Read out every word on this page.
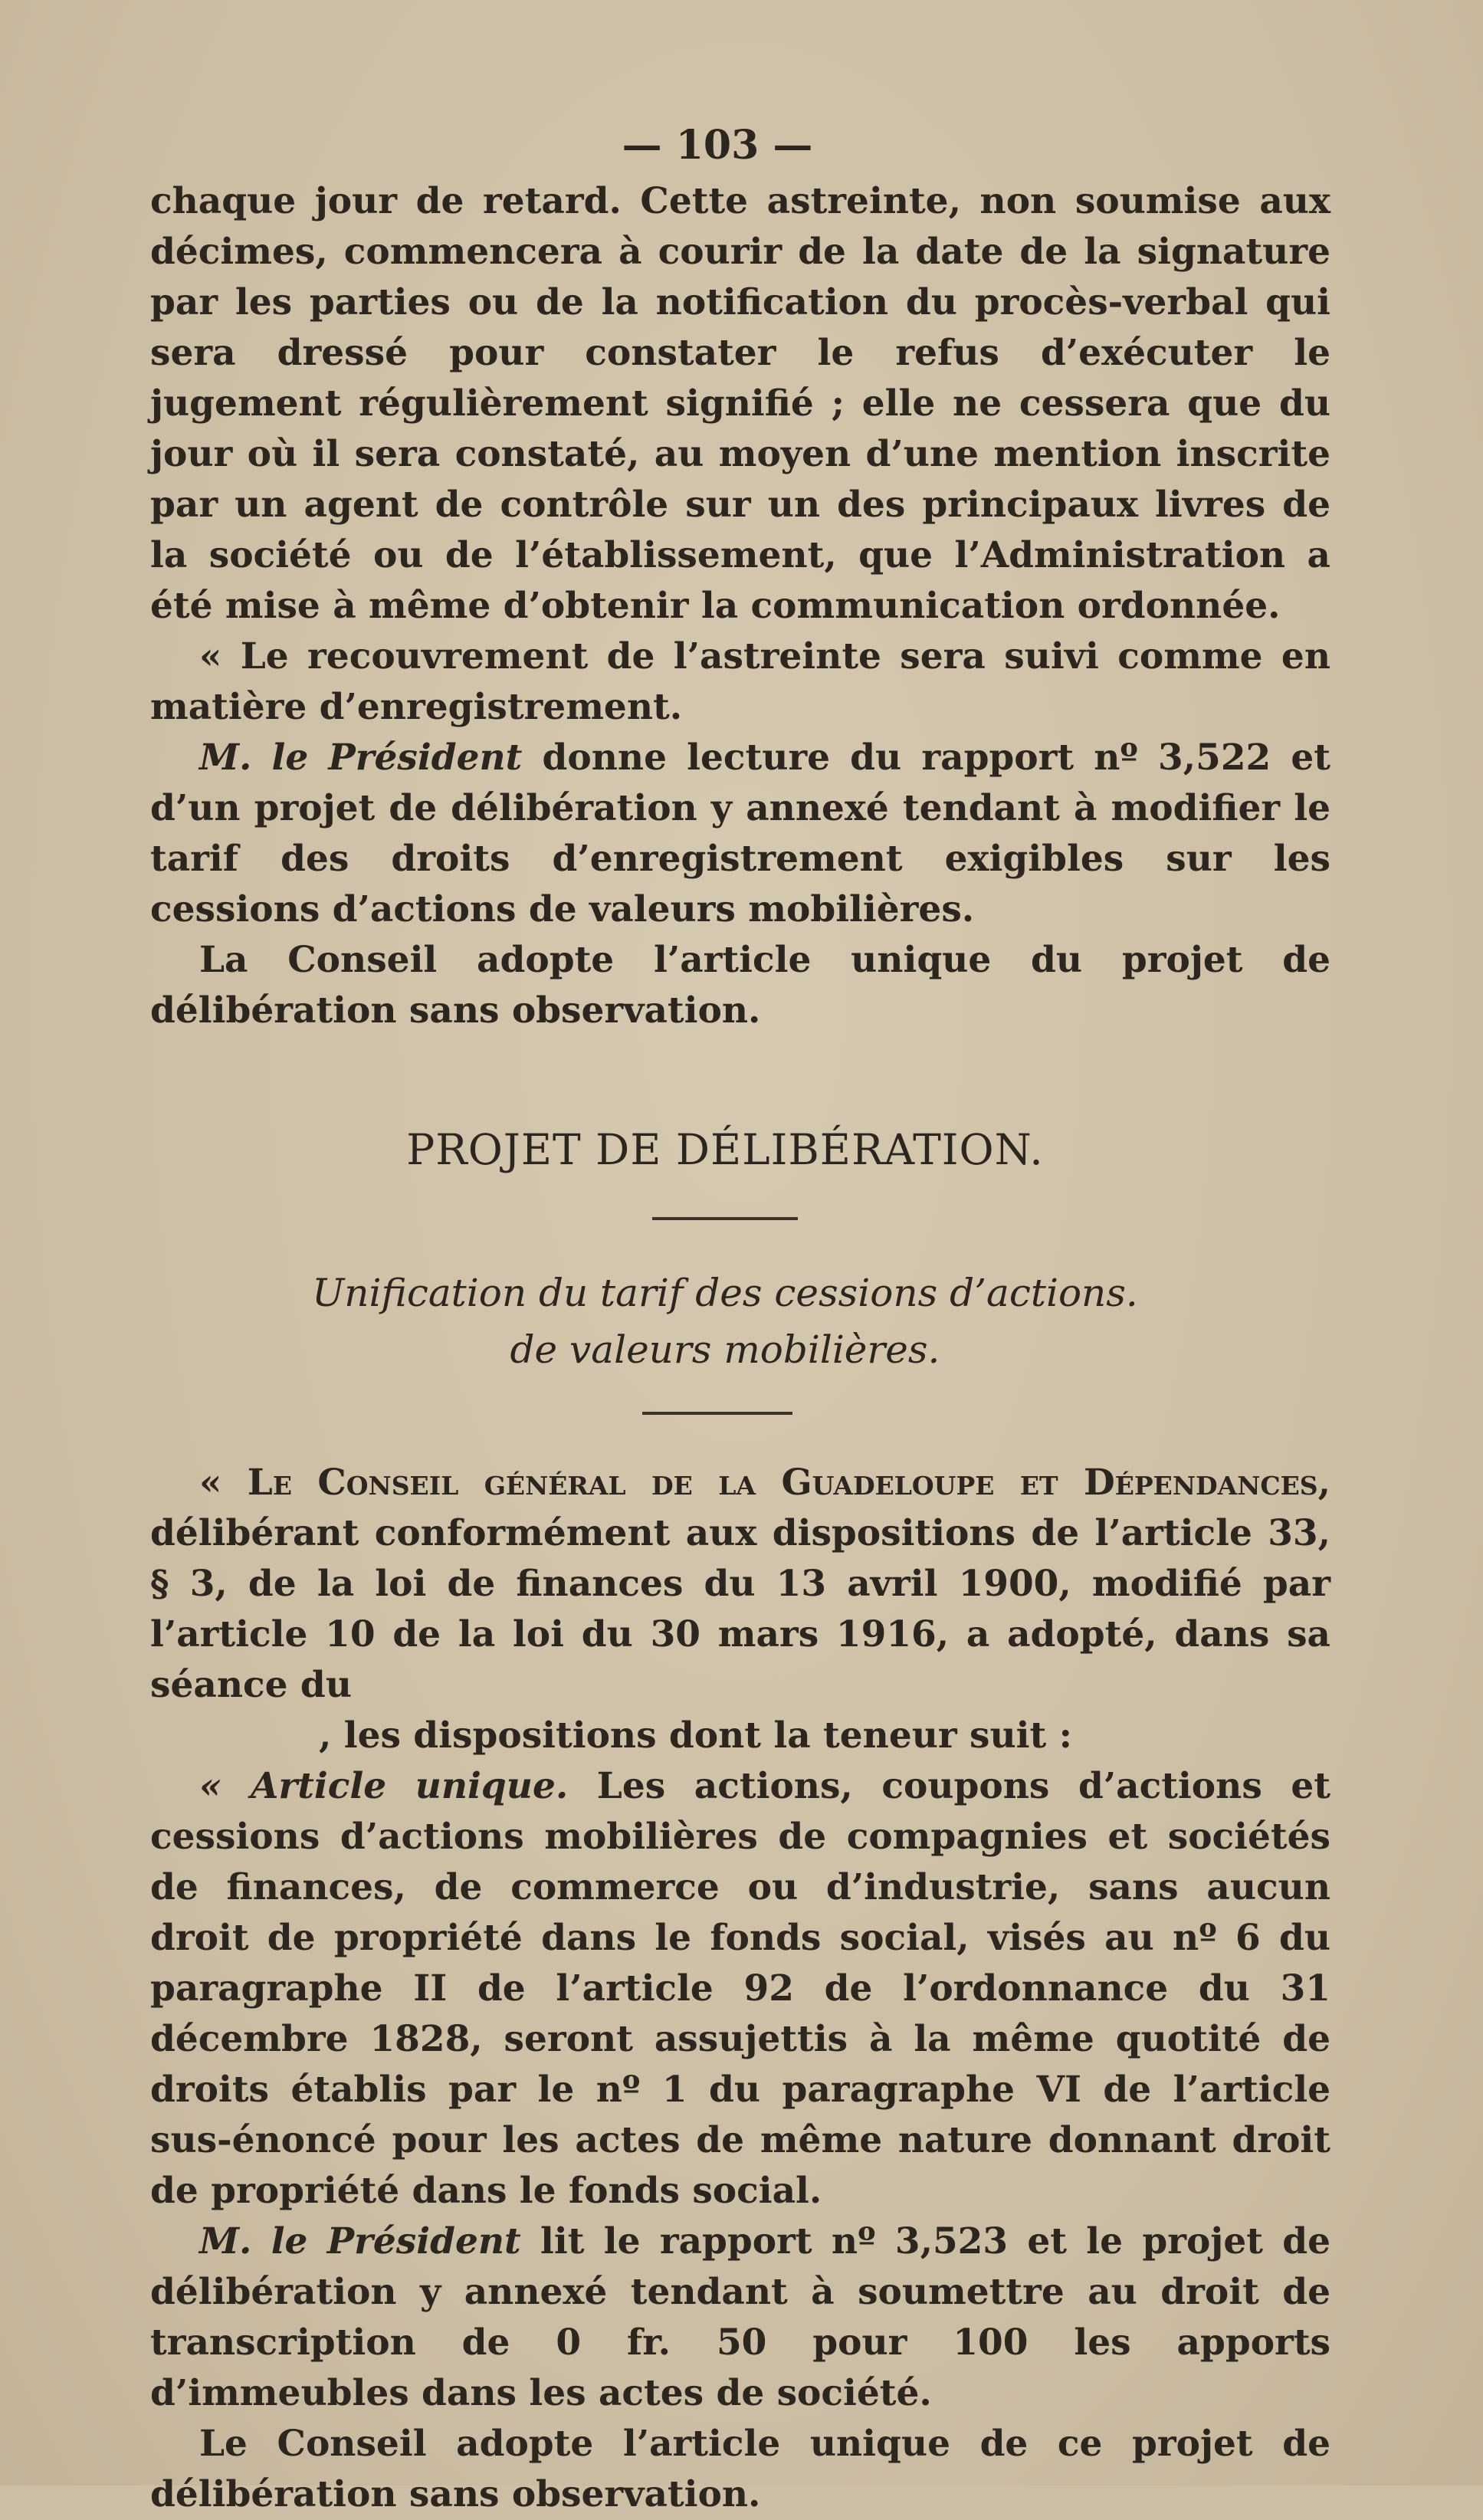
— 103 —

chaque jour de retard. Cette astreinte, non soumise aux décimes, commencera à courir de la date de la signature par les parties ou de la notification du procès-verbal qui sera dressé pour constater le refus d’exécuter le jugement régulièrement signifié ; elle ne cessera que du jour où il sera constaté, au moyen d’une mention inscrite par un agent de contrôle sur un des principaux livres de la société ou de l’établissement, que l’Administration a été mise à même d’obtenir la communication ordonnée.

« Le recouvrement de l’astreinte sera suivi comme en matière d’enregistrement.

M. le Président donne lecture du rapport nº 3,522 et d’un projet de délibération y annexé tendant à modifier le tarif des droits d’enregistrement exigibles sur les cessions d’actions de valeurs mobilières.

La Conseil adopte l’article unique du projet de délibération sans observation.

PROJET DE DÉLIBÉRATION.
Unification du tarif des cessions d’actions.
de valeurs mobilières.

« Le Conseil général de la Guadeloupe et Dépendances, délibérant conformément aux dispositions de l’article 33, § 3, de la loi de finances du 13 avril 1900, modifié par l’article 10 de la loi du 30 mars 1916, a adopté, dans sa séance du

, les dispositions dont la teneur suit :

« Article unique. Les actions, coupons d’actions et cessions d’actions mobilières de compagnies et sociétés de finances, de commerce ou d’industrie, sans aucun droit de propriété dans le fonds social, visés au nº 6 du paragraphe II de l’article 92 de l’ordonnance du 31 décembre 1828, seront assujettis à la même quotité de droits établis par le nº 1 du paragraphe VI de l’article sus-énoncé pour les actes de même nature donnant droit de propriété dans le fonds social.

M. le Président lit le rapport nº 3,523 et le projet de délibération y annexé tendant à soumettre au droit de transcription de 0 fr. 50 pour 100 les apports d’immeubles dans les actes de société.

Le Conseil adopte l’article unique de ce projet de délibération sans observation.
